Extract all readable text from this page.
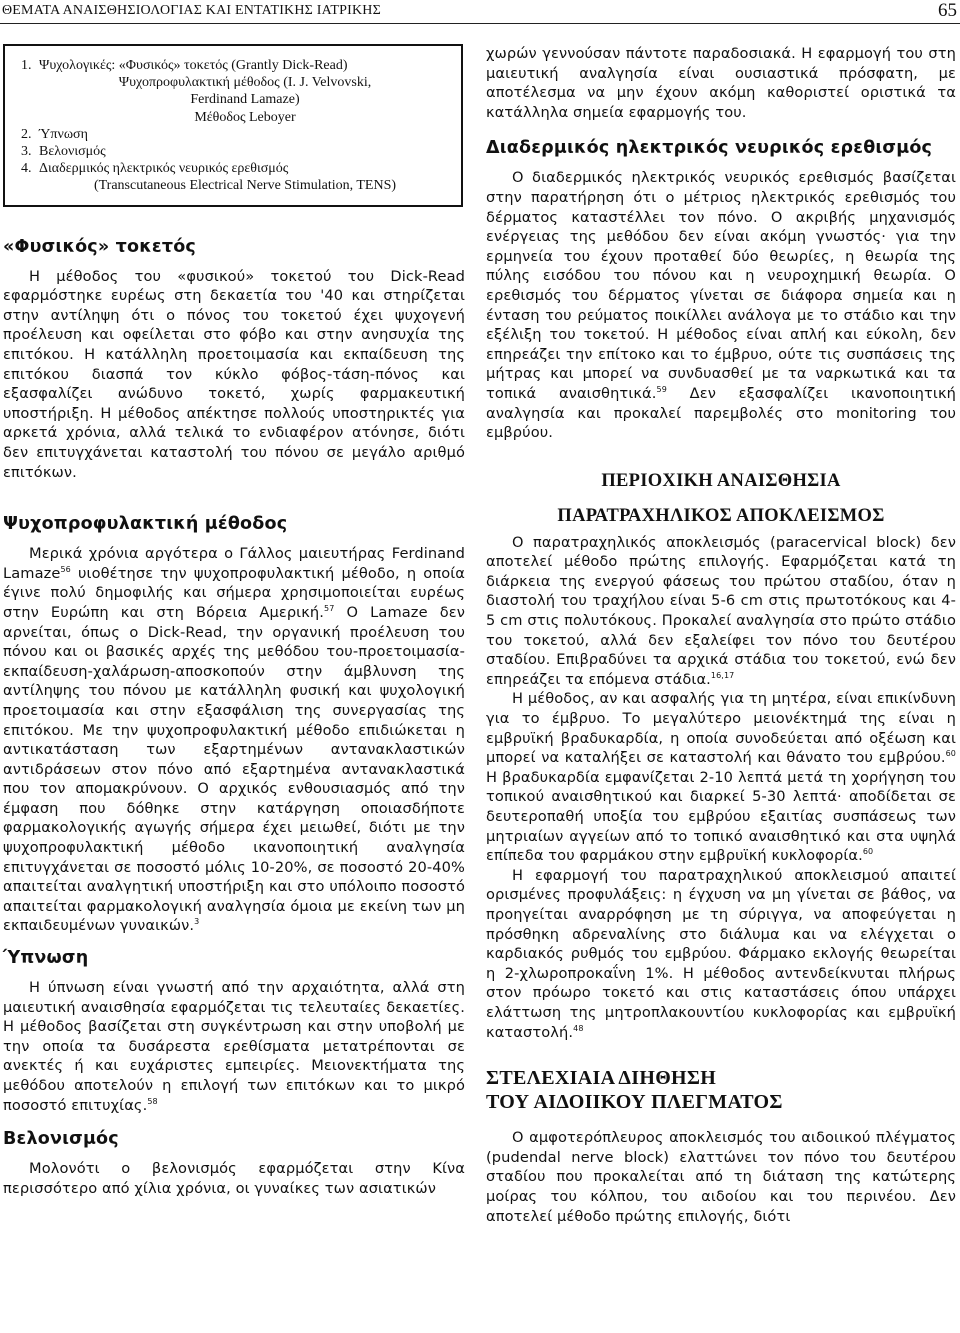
ΘΕΜΑΤΑ ΑΝΑΙΣΘΗΣΙΟΛΟΓΙΑΣ ΚΑΙ ΕΝΤΑΤΙΚΗΣ ΙΑΤΡΙΚΗΣ	65
1. Ψυχολογικές: «Φυσικός» τοκετός (Grantly Dick-Read)
Ψυχοπροφυλακτική μέθοδος (I. J. Velvovski,
Ferdinand Lamaze)
Μέθοδος Leboyer
2. Ύπνωση
3. Βελονισμός
4. Διαδερμικός ηλεκτρικός νευρικός ερεθισμός
(Transcutaneous Electrical Nerve Stimulation, TENS)
«Φυσικός» τοκετός

Η μέθοδος του «φυσικού» τοκετού του Dick-Read εφαρμόστηκε ευρέως στη δεκαετία του '40 και στηρίζεται στην αντίληψη ότι ο πόνος του τοκετού έχει ψυχογενή προέλευση και οφείλεται στο φόβο και στην ανησυχία της επιτόκου. Η κατάλληλη προετοιμασία και εκπαίδευση της επιτόκου διασπά τον κύκλο φόβος-τάση-πόνος και εξασφαλίζει ανώδυνο τοκετό, χωρίς φαρμακευτική υποστήριξη. Η μέθοδος απέκτησε πολλούς υποστηρικτές για αρκετά χρόνια, αλλά τελικά το ενδιαφέρον ατόνησε, διότι δεν επιτυγχάνεται καταστολή του πόνου σε μεγάλο αριθμό επιτόκων.

Ψυχοπροφυλακτική μέθοδος

Μερικά χρόνια αργότερα ο Γάλλος μαιευτήρας Ferdinand Lamaze$^{56}$ υιοθέτησε την ψυχοπροφυλακτική μέθοδο, η οποία έγινε πολύ δημοφιλής και σήμερα χρησιμοποιείται ευρέως στην Ευρώπη και στη Βόρεια Αμερική.$^{57}$ Ο Lamaze δεν αρνείται, όπως ο Dick-Read, την οργανική προέλευση του πόνου και οι βασικές αρχές της μεθόδου του-προετοιμασία-εκπαίδευση-χαλάρωση-αποσκοπούν στην άμβλυνση της αντίληψης του πόνου με κατάλληλη φυσική και ψυχολογική προετοιμασία και στην εξασφάλιση της συνεργασίας της επιτόκου. Με την ψυχοπροφυλακτική μέθοδο επιδιώκεται η αντικατάσταση των εξαρτημένων αντανακλαστικών αντιδράσεων στον πόνο από εξαρτημένα αντανακλαστικά που τον απομακρύνουν. Ο αρχικός ενθουσιασμός από την έμφαση που δόθηκε στην κατάργηση οποιασδήποτε φαρμακολογικής αγωγής σήμερα έχει μειωθεί, διότι με την ψυχοπροφυλακτική μέθοδο ικανοποιητική αναλγησία επιτυγχάνεται σε ποσοστό μόλις 10-20%, σε ποσοστό 20-40% απαιτείται αναλγητική υποστήριξη και στο υπόλοιπο ποσοστό απαιτείται φαρμακολογική αναλγησία όμοια με εκείνη των μη εκπαιδευμένων γυναικών.$^3$

Ύπνωση

Η ύπνωση είναι γνωστή από την αρχαιότητα, αλλά στη μαιευτική αναισθησία εφαρμόζεται τις τελευταίες δεκαετίες. Η μέθοδος βασίζεται στη συγκέντρωση και στην υποβολή με την οποία τα δυσάρεστα ερεθίσματα μετατρέπονται σε ανεκτές ή και ευχάριστες εμπειρίες. Μειονεκτήματα της μεθόδου αποτελούν η επιλογή των επιτόκων και το μικρό ποσοστό επιτυχίας.$^{58}$

Βελονισμός

Μολονότι ο βελονισμός εφαρμόζεται στην Κίνα περισσότερο από χίλια χρόνια, οι γυναίκες των ασιατικών

χωρών γεννούσαν πάντοτε παραδοσιακά. Η εφαρμογή του στη μαιευτική αναλγησία είναι ουσιαστικά πρόσφατη, με αποτέλεσμα να μην έχουν ακόμη καθοριστεί οριστικά τα κατάλληλα σημεία εφαρμογής του.

Διαδερμικός ηλεκτρικός νευρικός ερεθισμός

Ο διαδερμικός ηλεκτρικός νευρικός ερεθισμός βασίζεται στην παρατήρηση ότι ο μέτριος ηλεκτρικός ερεθισμός του δέρματος καταστέλλει τον πόνο. Ο ακριβής μηχανισμός ενέργειας της μεθόδου δεν είναι ακόμη γνωστός· για την ερμηνεία του έχουν προταθεί δύο θεωρίες, η θεωρία της πύλης εισόδου του πόνου και η νευροχημική θεωρία. Ο ερεθισμός του δέρματος γίνεται σε διάφορα σημεία και η ένταση του ρεύματος ποικίλλει ανάλογα με το στάδιο και την εξέλιξη του τοκετού. Η μέθοδος είναι απλή και εύκολη, δεν επηρεάζει την επίτοκο και το έμβρυο, ούτε τις συσπάσεις της μήτρας και μπορεί να συνδυασθεί με τα ναρκωτικά και τα τοπικά αναισθητικά.$^{59}$ Δεν εξασφαλίζει ικανοποιητική αναλγησία και προκαλεί παρεμβολές στο monitoring του εμβρύου.

ΠΕΡΙΟΧΙΚΗ ΑΝΑΙΣΘΗΣΙΑ
ΠΑΡΑΤΡΑΧΗΛΙΚΟΣ ΑΠΟΚΛΕΙΣΜΟΣ

Ο παρατραχηλικός αποκλεισμός (paracervical block) δεν αποτελεί μέθοδο πρώτης επιλογής. Εφαρμόζεται κατά τη διάρκεια της ενεργού φάσεως του πρώτου σταδίου, όταν η διαστολή του τραχήλου είναι 5-6 cm στις πρωτοτόκους και 4-5 cm στις πολυτόκους. Προκαλεί αναλγησία στο πρώτο στάδιο του τοκετού, αλλά δεν εξαλείφει τον πόνο του δευτέρου σταδίου. Επιβραδύνει τα αρχικά στάδια του τοκετού, ενώ δεν επηρεάζει τα επόμενα στάδια.$^{16,17}$

Η μέθοδος, αν και ασφαλής για τη μητέρα, είναι επικίνδυνη για το έμβρυο. Το μεγαλύτερο μειονέκτημά της είναι η εμβρυϊκή βραδυκαρδία, η οποία συνοδεύεται από οξέωση και μπορεί να καταλήξει σε καταστολή και θάνατο του εμβρύου.$^{60}$ Η βραδυκαρδία εμφανίζεται 2-10 λεπτά μετά τη χορήγηση του τοπικού αναισθητικού και διαρκεί 5-30 λεπτά· αποδίδεται σε δευτεροπαθή υποξία του εμβρύου εξαιτίας συσπάσεως των μητριαίων αγγείων από το τοπικό αναισθητικό και στα υψηλά επίπεδα του φαρμάκου στην εμβρυϊκή κυκλοφορία.$^{60}$

Η εφαρμογή του παρατραχηλικού αποκλεισμού απαιτεί ορισμένες προφυλάξεις: η έγχυση να μη γίνεται σε βάθος, να προηγείται αναρρόφηση με τη σύριγγα, να αποφεύγεται η πρόσθηκη αδρεναλίνης στο διάλυμα και να ελέγχεται ο καρδιακός ρυθμός του εμβρύου. Φάρμακο εκλογής θεωρείται η 2-χλωροπροκαΐνη 1%. Η μέθοδος αντενδείκνυται πλήρως στον πρόωρο τοκετό και στις καταστάσεις όπου υπάρχει ελάττωση της μητροπλακουντίου κυκλοφορίας και εμβρυϊκή καταστολή.$^{48}$

ΣΤΕΛΕΧΙΑΙΑ ΔΙΗΘΗΣΗ
ΤΟΥ ΑΙΔΟΙΙΚΟΥ ΠΛΕΓΜΑΤΟΣ

Ο αμφοτερόπλευρος αποκλεισμός του αιδοιικού πλέγματος (pudendal nerve block) ελαττώνει τον πόνο του δευτέρου σταδίου που προκαλείται από τη διάταση της κατώτερης μοίρας του κόλπου, του αιδοίου και του περινέου. Δεν αποτελεί μέθοδο πρώτης επιλογής, διότι
